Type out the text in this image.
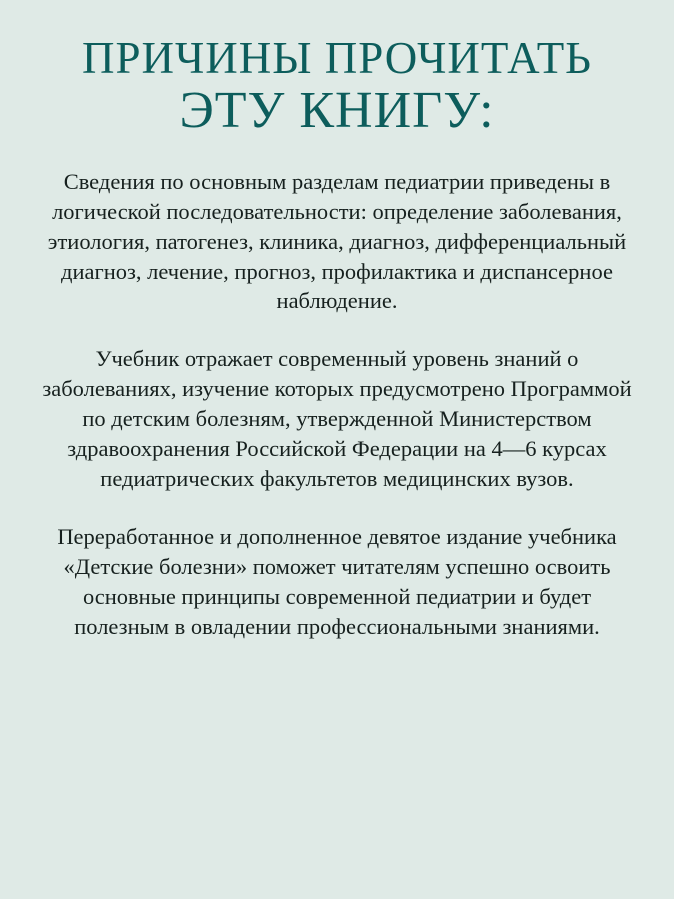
ПРИЧИНЫ ПРОЧИТАТЬ
ЭТУ КНИГУ:
Сведения по основным разделам педиатрии приведены в логической последовательности: определение заболевания, этиология, патогенез, клиника, диагноз, дифференциальный диагноз, лечение, прогноз, профилактика и диспансерное наблюдение.
Учебник отражает современный уровень знаний о заболеваниях, изучение которых предусмотрено Программой по детским болезням, утвержденной Министерством здравоохранения Российской Федерации на 4—6 курсах педиатрических факультетов медицинских вузов.
Переработанное и дополненное девятое издание учебника «Детские болезни» поможет читателям успешно освоить основные принципы современной педиатрии и будет полезным в овладении профессиональными знаниями.
